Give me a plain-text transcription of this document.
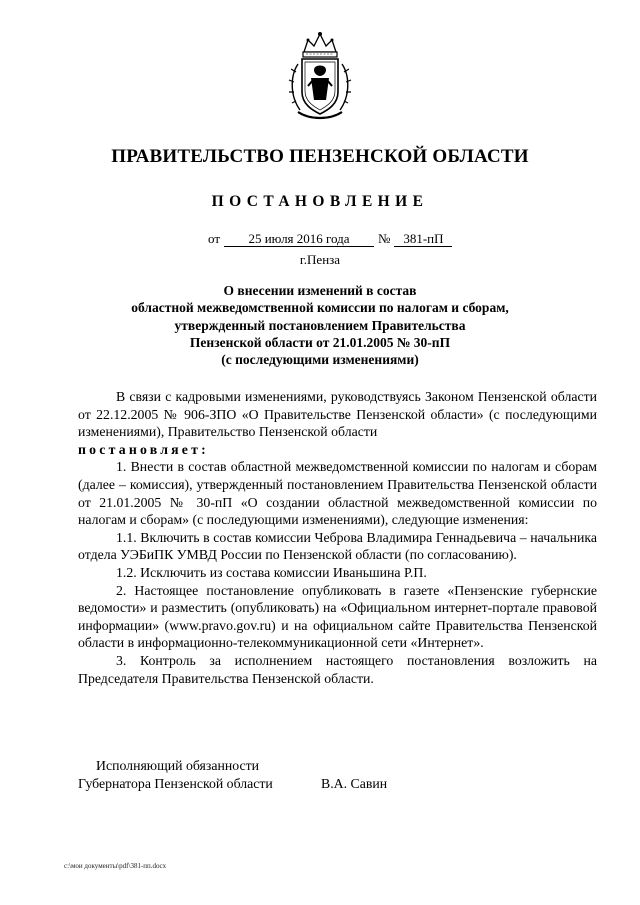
ПРАВИТЕЛЬСТВО ПЕНЗЕНСКОЙ ОБЛАСТИ
ПОСТАНОВЛЕНИЕ
от 25 июля 2016 года № 381-пП
г.Пенза
О внесении изменений в состав
областной межведомственной комиссии по налогам и сборам,
утвержденный постановлением Правительства
Пензенской области от 21.01.2005 № 30-пП
(с последующими изменениями)

В связи с кадровыми изменениями, руководствуясь Законом Пензенской области от 22.12.2005 № 906-ЗПО «О Правительстве Пензенской области» (с последующими изменениями), Правительство Пензенской области

постановляет:

1. Внести в состав областной межведомственной комиссии по налогам и сборам (далее – комиссия), утвержденный постановлением Правительства Пензенской области от 21.01.2005 № 30-пП «О создании областной межведомственной комиссии по налогам и сборам» (с последующими изменениями), следующие изменения:

1.1. Включить в состав комиссии Чеброва Владимира Геннадьевича – начальника отдела УЭБиПК УМВД России по Пензенской области (по согласованию).

1.2. Исключить из состава комиссии Иваньшина Р.П.

2. Настоящее постановление опубликовать в газете «Пензенские губернские ведомости» и разместить (опубликовать) на «Официальном интернет-портале правовой информации» (www.pravo.gov.ru) и на официальном сайте Правительства Пензенской области в информационно-телекоммуникационной сети «Интернет».

3. Контроль за исполнением настоящего постановления возложить на Председателя Правительства Пензенской области.

Исполняющий обязанности
Губернатора Пензенской области	В.А. Савин
c:\мои документы\pdf\381-пп.docx
